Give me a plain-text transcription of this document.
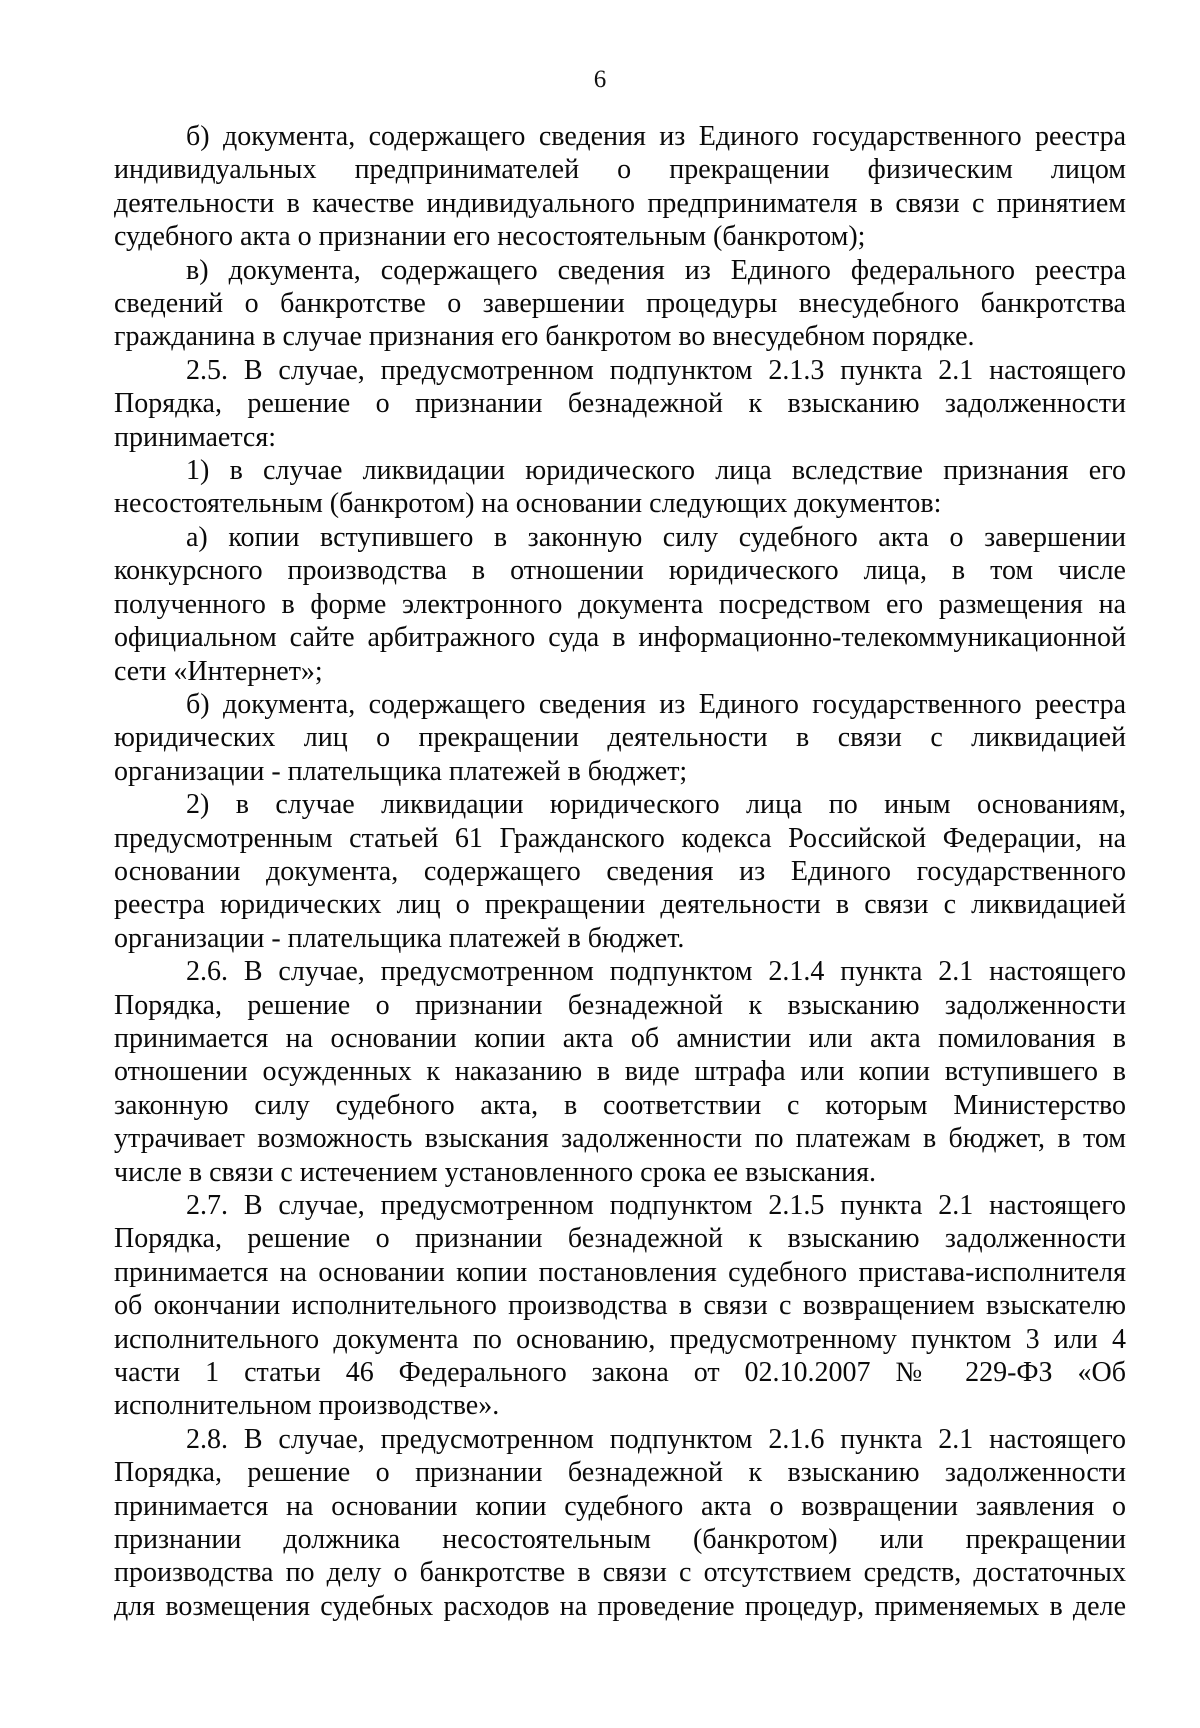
6
б) документа, содержащего сведения из Единого государственного реестра
индивидуальных предпринимателей о прекращении физическим лицом
деятельности в качестве индивидуального предпринимателя в связи с принятием
судебного акта о признании его несостоятельным (банкротом);
в) документа, содержащего сведения из Единого федерального реестра
сведений о банкротстве о завершении процедуры внесудебного банкротства
гражданина в случае признания его банкротом во внесудебном порядке.
2.5. В случае, предусмотренном подпунктом 2.1.3 пункта 2.1 настоящего
Порядка, решение о признании безнадежной к взысканию задолженности
принимается:
1) в случае ликвидации юридического лица вследствие признания его
несостоятельным (банкротом) на основании следующих документов:
а) копии вступившего в законную силу судебного акта о завершении
конкурсного производства в отношении юридического лица, в том числе
полученного в форме электронного документа посредством его размещения на
официальном сайте арбитражного суда в информационно-телекоммуникационной
сети «Интернет»;
б) документа, содержащего сведения из Единого государственного реестра
юридических лиц о прекращении деятельности в связи с ликвидацией
организации - плательщика платежей в бюджет;
2) в случае ликвидации юридического лица по иным основаниям,
предусмотренным статьей 61 Гражданского кодекса Российской Федерации, на
основании документа, содержащего сведения из Единого государственного
реестра юридических лиц о прекращении деятельности в связи с ликвидацией
организации - плательщика платежей в бюджет.
2.6. В случае, предусмотренном подпунктом 2.1.4 пункта 2.1 настоящего
Порядка, решение о признании безнадежной к взысканию задолженности
принимается на основании копии акта об амнистии или акта помилования в
отношении осужденных к наказанию в виде штрафа или копии вступившего в
законную силу судебного акта, в соответствии с которым Министерство
утрачивает возможность взыскания задолженности по платежам в бюджет, в том
числе в связи с истечением установленного срока ее взыскания.
2.7. В случае, предусмотренном подпунктом 2.1.5 пункта 2.1 настоящего
Порядка, решение о признании безнадежной к взысканию задолженности
принимается на основании копии постановления судебного пристава-исполнителя
об окончании исполнительного производства в связи с возвращением взыскателю
исполнительного документа по основанию, предусмотренному пунктом 3 или 4
части 1 статьи 46 Федерального закона от 02.10.2007 № 229-ФЗ «Об
исполнительном производстве».
2.8. В случае, предусмотренном подпунктом 2.1.6 пункта 2.1 настоящего
Порядка, решение о признании безнадежной к взысканию задолженности
принимается на основании копии судебного акта о возвращении заявления о
признании должника несостоятельным (банкротом) или прекращении
производства по делу о банкротстве в связи с отсутствием средств, достаточных
для возмещения судебных расходов на проведение процедур, применяемых в деле
